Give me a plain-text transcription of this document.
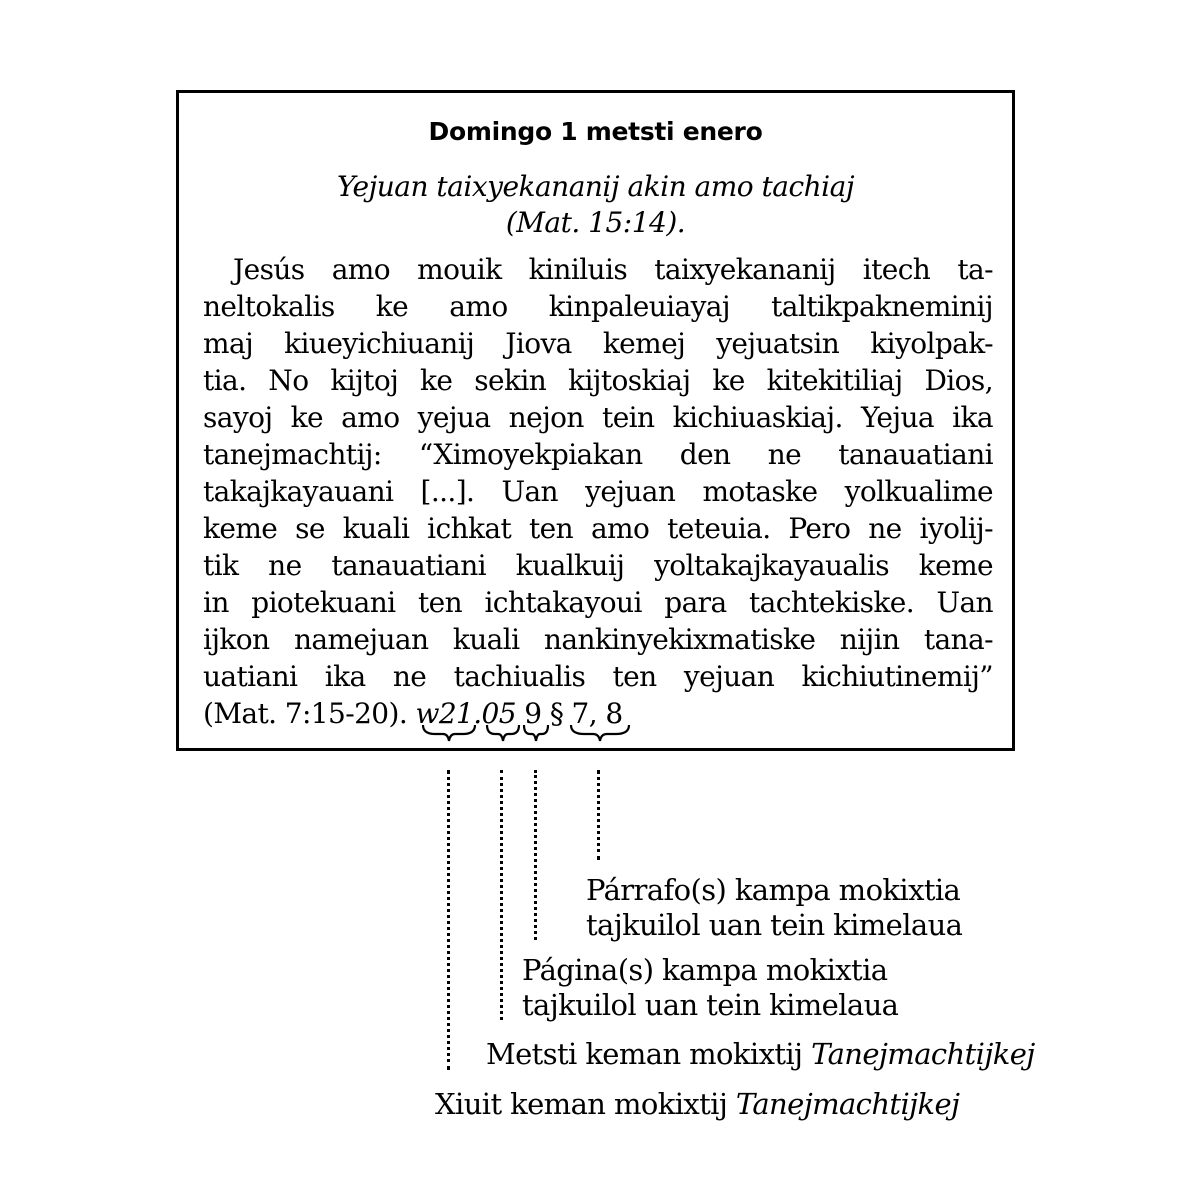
Domingo 1 metsti enero
Yejuan taixyekananij akin amo tachiaj
(Mat. 15:14).
Jesús amo mouik kiniluis taixyekananij itech ta-
neltokalis ke amo kinpaleuiayaj taltikpakneminij
maj kiueyichiuanij Jiova kemej yejuatsin kiyolpak-
tia. No kijtoj ke sekin kijtoskiaj ke kitekitiliaj Dios,
sayoj ke amo yejua nejon tein kichiuaskiaj. Yejua ika
tanejmachtij: “Ximoyekpiakan den ne tanauatiani
takajkayauani [...]. Uan yejuan motaske yolkualime
keme se kuali ichkat ten amo teteuia. Pero ne iyolij-
tik ne tanauatiani kualkuij yoltakajkayaualis keme
in piotekuani ten ichtakayoui para tachtekiske. Uan
ijkon namejuan kuali nankinyekixmatiske nijin tana-
uatiani ika ne tachiualis ten yejuan kichiutinemij”
(Mat. 7:15-20). w21.05 9 § 7, 8
Párrafo(s) kampa mokixtia
tajkuilol uan tein kimelaua
Página(s) kampa mokixtia
tajkuilol uan tein kimelaua
Metsti keman mokixtij Tanejmachtijkej
Xiuit keman mokixtij Tanejmachtijkej
